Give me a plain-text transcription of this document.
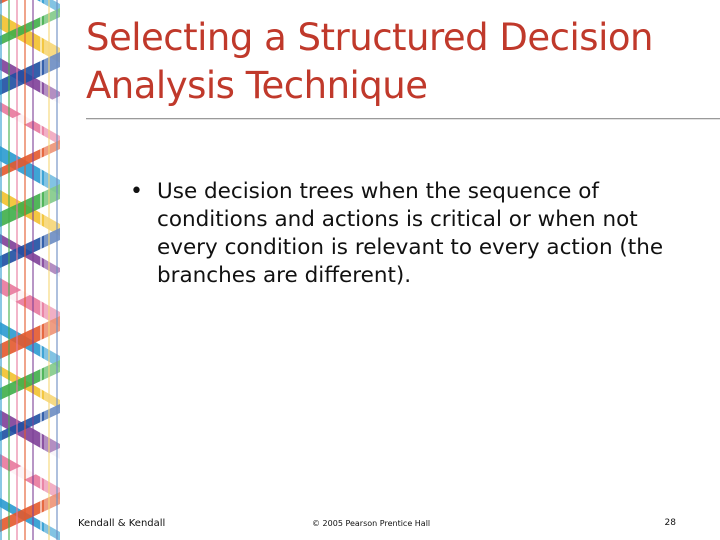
Selecting a Structured Decision Analysis Technique
• Use decision trees when the sequence of conditions and actions is critical or when not every condition is relevant to every action (the branches are different).
Kendall & Kendall	© 2005 Pearson Prentice Hall	28
